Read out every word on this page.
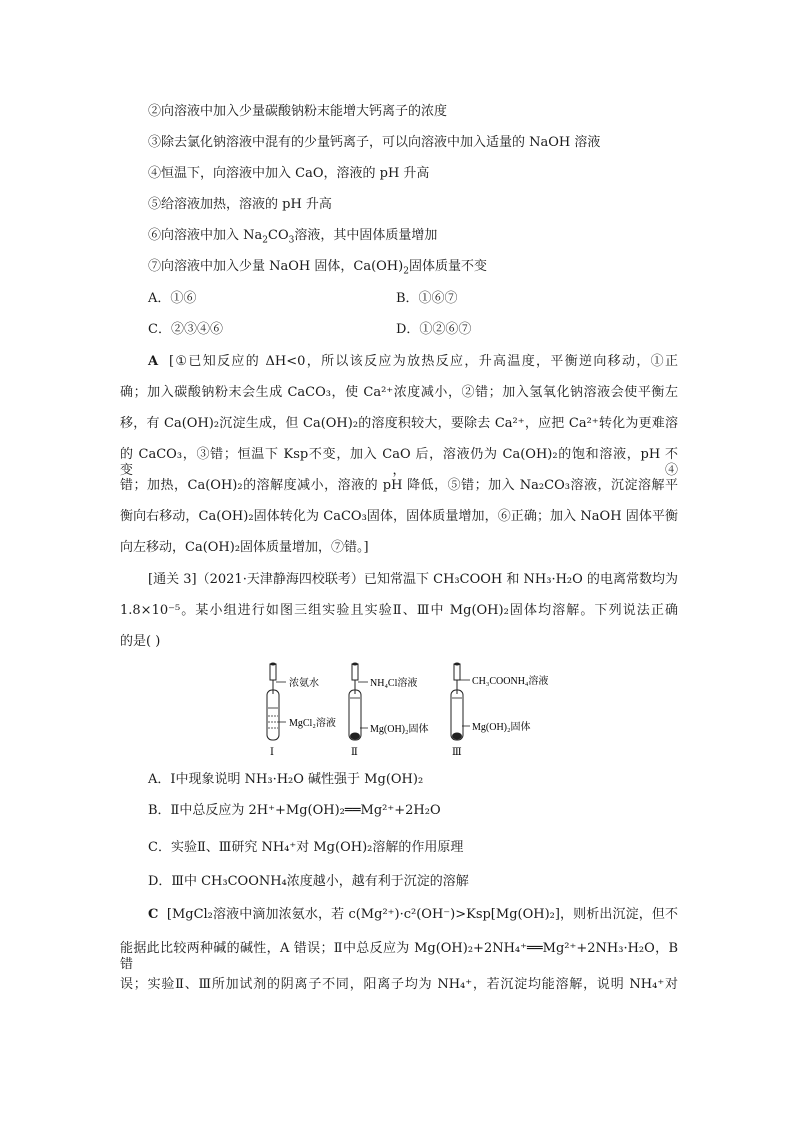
②向溶液中加入少量碳酸钠粉末能增大钙离子的浓度
③除去氯化钠溶液中混有的少量钙离子，可以向溶液中加入适量的 NaOH 溶液
④恒温下，向溶液中加入 CaO，溶液的 pH 升高
⑤给溶液加热，溶液的 pH 升高
⑥向溶液中加入 $Na_2CO_3$溶液，其中固体质量增加
⑦向溶液中加入少量 NaOH 固体，$Ca(OH)_2$固体质量不变
A．①⑥	B．①⑥⑦
C．②③④⑥	D．①②⑥⑦
A [①已知反应的 ΔH<0，所以该反应为放热反应，升高温度，平衡逆向移动，①正
确；加入碳酸钠粉末会生成 CaCO₃，使 Ca²⁺浓度减小，②错；加入氢氧化钠溶液会使平衡左
移，有 Ca(OH)₂沉淀生成，但 Ca(OH)₂的溶度积较大，要除去 Ca²⁺，应把 Ca²⁺转化为更难溶
的 CaCO₃，③错；恒温下 Ksp不变，加入 CaO 后，溶液仍为 Ca(OH)₂的饱和溶液，pH 不变，④
错；加热，Ca(OH)₂的溶解度减小，溶液的 pH 降低，⑤错；加入 Na₂CO₃溶液，沉淀溶解平
衡向右移动，Ca(OH)₂固体转化为 CaCO₃固体，固体质量增加，⑥正确；加入 NaOH 固体平衡
向左移动，Ca(OH)₂固体质量增加，⑦错。]
[通关 3]（2021·天津静海四校联考）已知常温下 CH₃COOH 和 NH₃·H₂O 的电离常数均为
1.8×10⁻⁵。某小组进行如图三组实验且实验Ⅱ、Ⅲ中 Mg(OH)₂固体均溶解。下列说法正确
的是( )
浓氨水
MgCl₂溶液
Ⅰ
NH₄Cl溶液
Mg(OH)₂固体
Ⅱ
CH₃COONH₄溶液
Mg(OH)₂固体
Ⅲ
A．Ⅰ中现象说明 NH₃·H₂O 碱性强于 Mg(OH)₂
B．Ⅱ中总反应为 2H⁺+Mg(OH)₂══Mg²⁺+2H₂O
C．实验Ⅱ、Ⅲ研究 NH₄⁺对 Mg(OH)₂溶解的作用原理
D．Ⅲ中 CH₃COONH₄浓度越小，越有利于沉淀的溶解
C [MgCl₂溶液中滴加浓氨水，若 c(Mg²⁺)·c²(OH⁻)>Ksp[Mg(OH)₂]，则析出沉淀，但不
能据此比较两种碱的碱性，A 错误；Ⅱ中总反应为 Mg(OH)₂+2NH₄⁺══Mg²⁺+2NH₃·H₂O，B 错
误；实验Ⅱ、Ⅲ所加试剂的阴离子不同，阳离子均为 NH₄⁺，若沉淀均能溶解，说明 NH₄⁺对
